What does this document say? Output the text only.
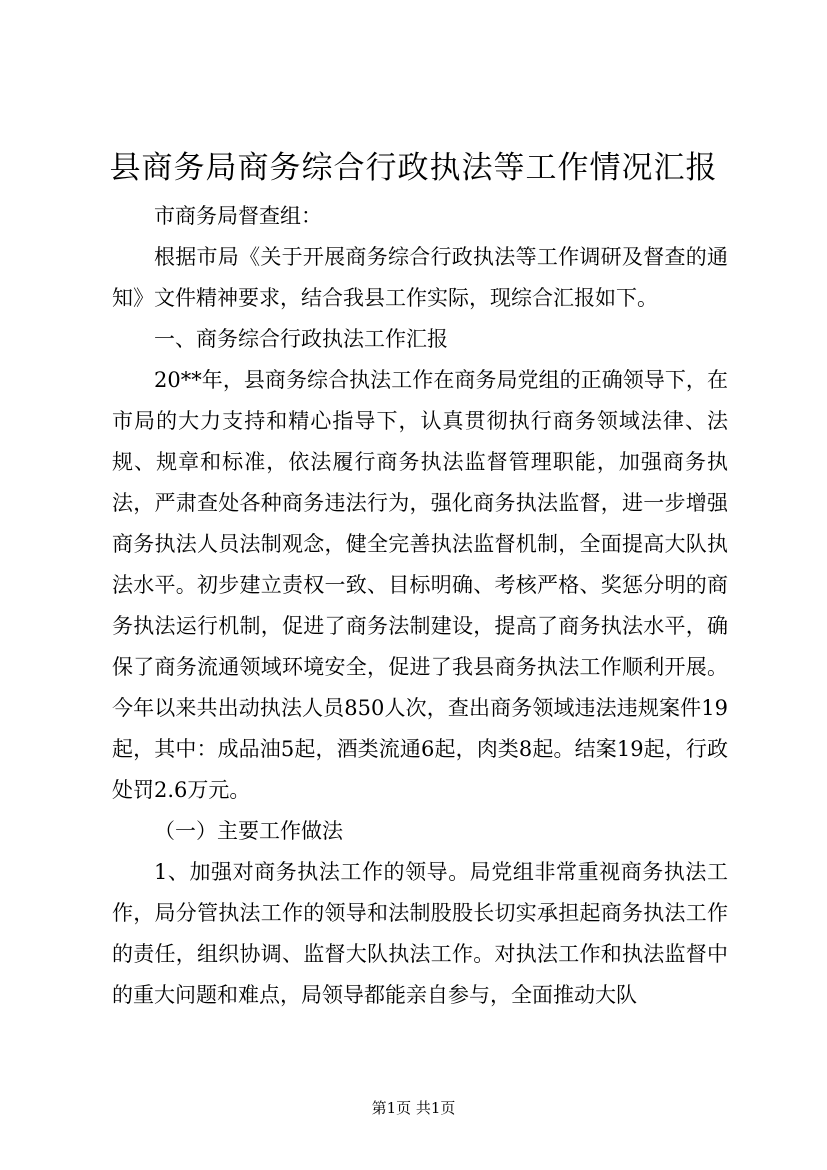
县商务局商务综合行政执法等工作情况汇报

市商务局督查组：

根据市局《关于开展商务综合行政执法等工作调研及督查的通知》文件精神要求，结合我县工作实际，现综合汇报如下。

一、商务综合行政执法工作汇报

20**年，县商务综合执法工作在商务局党组的正确领导下，在市局的大力支持和精心指导下，认真贯彻执行商务领域法律、法规、规章和标准，依法履行商务执法监督管理职能，加强商务执法，严肃查处各种商务违法行为，强化商务执法监督，进一步增强商务执法人员法制观念，健全完善执法监督机制，全面提高大队执法水平。初步建立责权一致、目标明确、考核严格、奖惩分明的商务执法运行机制，促进了商务法制建设，提高了商务执法水平，确保了商务流通领域环境安全，促进了我县商务执法工作顺利开展。今年以来共出动执法人员850人次，查出商务领域违法违规案件19起，其中：成品油5起，酒类流通6起，肉类8起。结案19起，行政处罚2.6万元。

（一）主要工作做法

1、加强对商务执法工作的领导。局党组非常重视商务执法工作，局分管执法工作的领导和法制股股长切实承担起商务执法工作的责任，组织协调、监督大队执法工作。对执法工作和执法监督中的重大问题和难点，局领导都能亲自参与，全面推动大队

第1页 共1页
